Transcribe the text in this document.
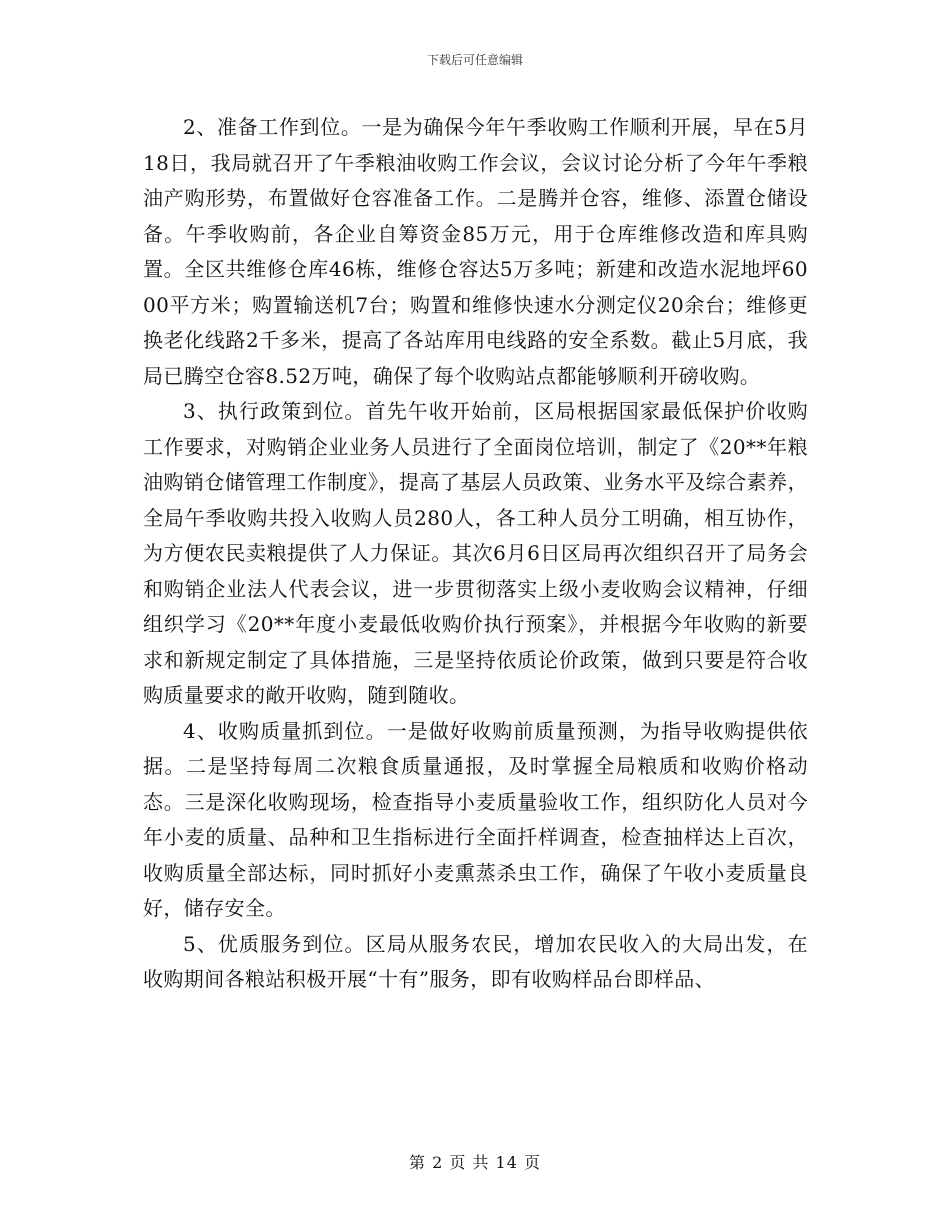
下载后可任意编辑

2、准备工作到位。一是为确保今年午季收购工作顺利开展，早在5月18日，我局就召开了午季粮油收购工作会议，会议讨论分析了今年午季粮油产购形势，布置做好仓容准备工作。二是腾并仓容，维修、添置仓储设备。午季收购前，各企业自筹资金85万元，用于仓库维修改造和库具购置。全区共维修仓库46栋，维修仓容达5万多吨；新建和改造水泥地坪6000平方米；购置输送机7台；购置和维修快速水分测定仪20余台；维修更换老化线路2千多米，提高了各站库用电线路的安全系数。截止5月底，我局已腾空仓容8.52万吨，确保了每个收购站点都能够顺利开磅收购。

3、执行政策到位。首先午收开始前，区局根据国家最低保护价收购工作要求，对购销企业业务人员进行了全面岗位培训，制定了《20**年粮油购销仓储管理工作制度》，提高了基层人员政策、业务水平及综合素养，全局午季收购共投入收购人员280人，各工种人员分工明确，相互协作，为方便农民卖粮提供了人力保证。其次6月6日区局再次组织召开了局务会和购销企业法人代表会议，进一步贯彻落实上级小麦收购会议精神，仔细组织学习《20**年度小麦最低收购价执行预案》，并根据今年收购的新要求和新规定制定了具体措施，三是坚持依质论价政策，做到只要是符合收购质量要求的敞开收购，随到随收。

4、收购质量抓到位。一是做好收购前质量预测，为指导收购提供依据。二是坚持每周二次粮食质量通报，及时掌握全局粮质和收购价格动态。三是深化收购现场，检查指导小麦质量验收工作，组织防化人员对今年小麦的质量、品种和卫生指标进行全面扦样调查，检查抽样达上百次，收购质量全部达标，同时抓好小麦熏蒸杀虫工作，确保了午收小麦质量良好，储存安全。

5、优质服务到位。区局从服务农民，增加农民收入的大局出发，在收购期间各粮站积极开展“十有”服务，即有收购样品台即样品、

第 2 页 共 14 页
